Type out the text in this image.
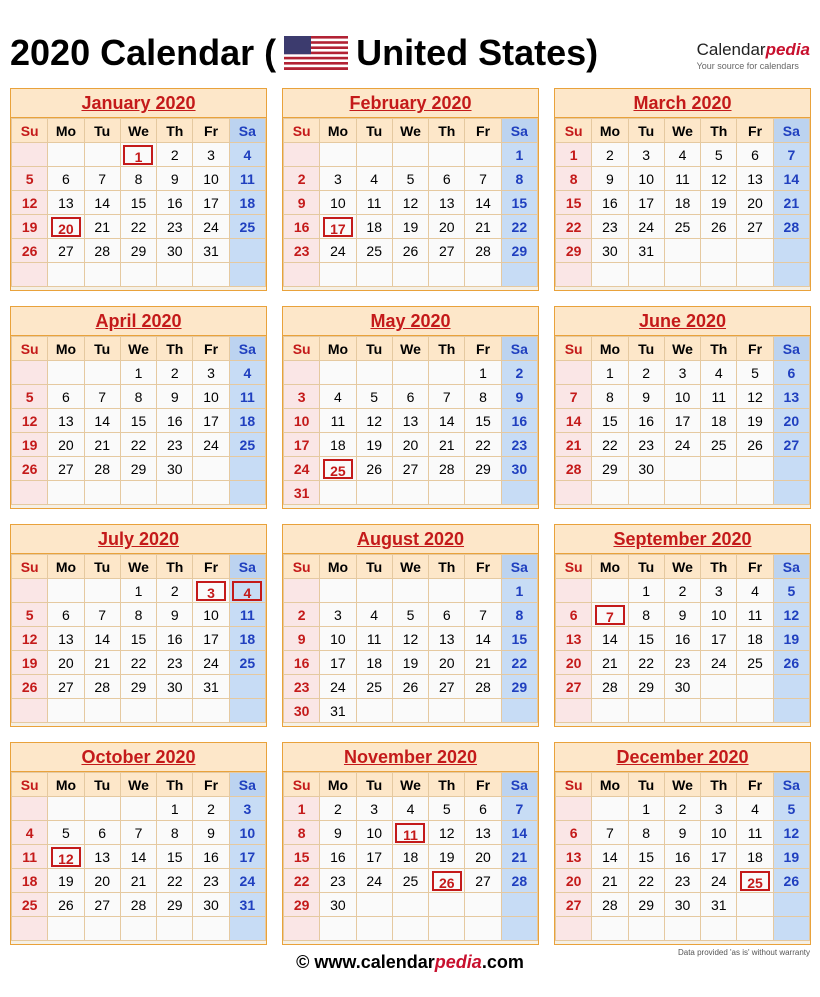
2020 Calendar ( United States)	Calendarpedia
Your source for calendars
January 2020
Su	Mo	Tu	We	Th	Fr	Sa

			1	2	3	4
5	6	7	8	9	10	11
12	13	14	15	16	17	18
19	20	21	22	23	24	25
26	27	28	29	30	31	

February 2020
Su	Mo	Tu	We	Th	Fr	Sa
						1
2	3	4	5	6	7	8
9	10	11	12	13	14	15
16	17	18	19	20	21	22
23	24	25	26	27	28	29

March 2020
Su	Mo	Tu	We	Th	Fr	Sa
1	2	3	4	5	6	7
8	9	10	11	12	13	14
15	16	17	18	19	20	21
22	23	24	25	26	27	28
29	30	31				

April 2020
Su	Mo	Tu	We	Th	Fr	Sa
			1	2	3	4
5	6	7	8	9	10	11
12	13	14	15	16	17	18
19	20	21	22	23	24	25
26	27	28	29	30		

May 2020
Su	Mo	Tu	We	Th	Fr	Sa
					1	2
3	4	5	6	7	8	9
10	11	12	13	14	15	16
17	18	19	20	21	22	23
24	25	26	27	28	29	30
31						
June 2020
Su	Mo	Tu	We	Th	Fr	Sa
	1	2	3	4	5	6
7	8	9	10	11	12	13
14	15	16	17	18	19	20
21	22	23	24	25	26	27
28	29	30				

July 2020
Su	Mo	Tu	We	Th	Fr	Sa
			1	2	3	4

5	6	7	8	9	10	11
12	13	14	15	16	17	18
19	20	21	22	23	24	25
26	27	28	29	30	31	

August 2020
Su	Mo	Tu	We	Th	Fr	Sa
						1
2	3	4	5	6	7	8
9	10	11	12	13	14	15
16	17	18	19	20	21	22
23	24	25	26	27	28	29
30	31					
September 2020
Su	Mo	Tu	We	Th	Fr	Sa
		1	2	3	4	5
6	7	8	9	10	11	12
13	14	15	16	17	18	19
20	21	22	23	24	25	26
27	28	29	30			

October 2020
Su	Mo	Tu	We	Th	Fr	Sa
				1	2	3
4	5	6	7	8	9	10
11	12	13	14	15	16	17
18	19	20	21	22	23	24
25	26	27	28	29	30	31

November 2020
Su	Mo	Tu	We	Th	Fr	Sa
1	2	3	4	5	6	7
8	9	10	11	12	13	14
15	16	17	18	19	20	21
22	23	24	25	26	27	28
29	30					

December 2020
Su	Mo	Tu	We	Th	Fr	Sa
		1	2	3	4	5
6	7	8	9	10	11	12
13	14	15	16	17	18	19
20	21	22	23	24	25	26
27	28	29	30	31		

© www.calendarpedia.com	Data provided 'as is' without warranty
